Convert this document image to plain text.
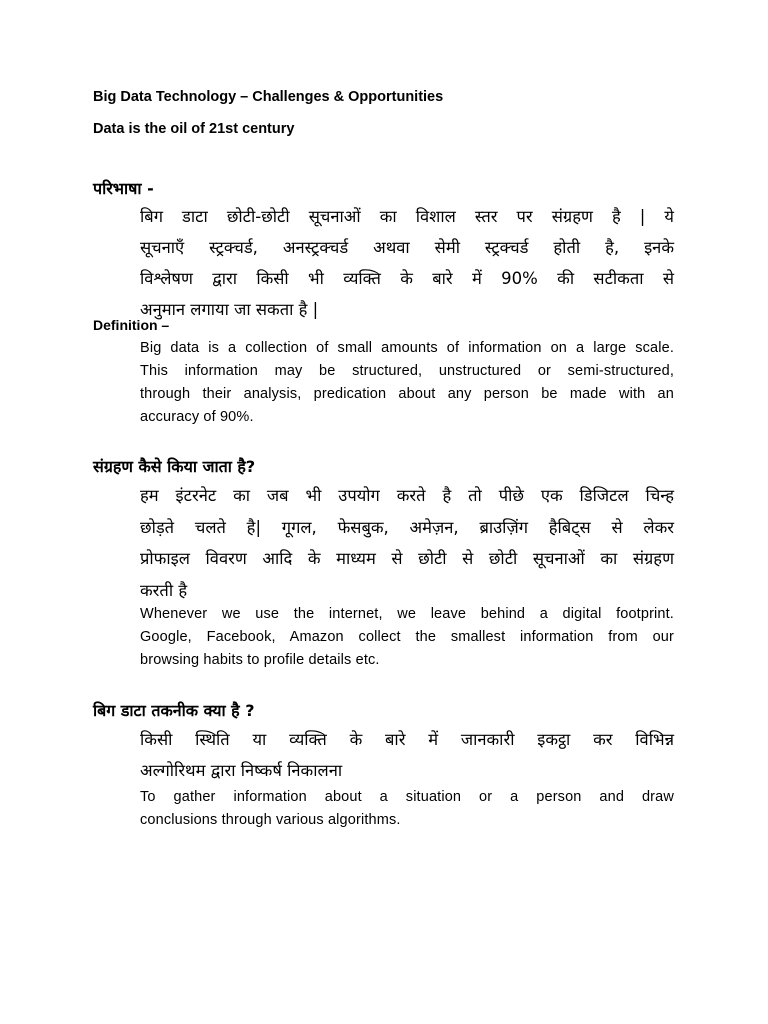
Big Data Technology – Challenges & Opportunities
Data is the oil of 21st century
परिभाषा -
बिग डाटा छोटी-छोटी सूचनाओं का विशाल स्तर पर संग्रहण है | ये
सूचनाएँ स्ट्रक्चर्ड, अनस्ट्रक्चर्ड अथवा सेमी स्ट्रक्चर्ड होती है, इनके
विश्लेषण द्वारा किसी भी व्यक्ति के बारे में 90% की सटीकता से
अनुमान लगाया जा सकता है |
Definition –
Big data is a collection of small amounts of information on a large scale.
This information may be structured, unstructured or semi-structured,
through their analysis, predication about any person be made with an
accuracy of 90%.
संग्रहण कैसे किया जाता है?
हम इंटरनेट का जब भी उपयोग करते है तो पीछे एक डिजिटल चिन्ह
छोड़ते चलते है| गूगल, फेसबुक, अमेज़न, ब्राउज़िंग हैबिट्स से लेकर
प्रोफाइल विवरण आदि के माध्यम से छोटी से छोटी सूचनाओं का संग्रहण
करती है
Whenever we use the internet, we leave behind a digital footprint.
Google, Facebook, Amazon collect the smallest information from our
browsing habits to profile details etc.
बिग डाटा तकनीक क्या है ?
किसी स्थिति या व्यक्ति के बारे में जानकारी इकट्ठा कर विभिन्न
अल्गोरिथम द्वारा निष्कर्ष निकालना
To gather information about a situation or a person and draw
conclusions through various algorithms.
